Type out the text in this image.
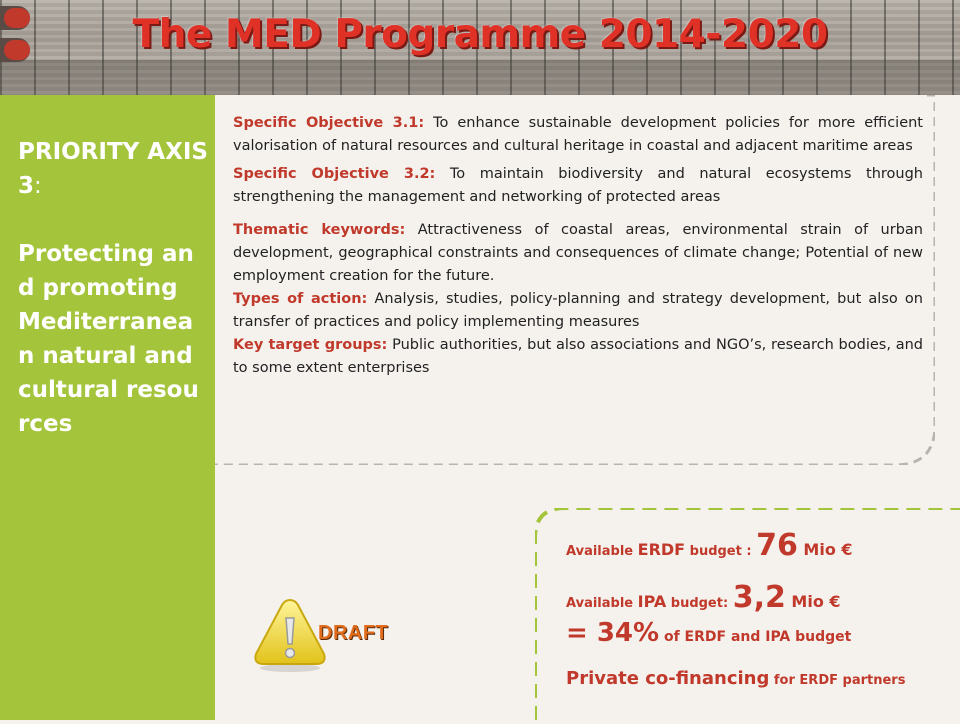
The MED Programme 2014-2020
PRIORITY AXIS 3:
Protecting and promoting Mediterranean natural and cultural resources

Specific Objective 3.1: To enhance sustainable development policies for more efficient valorisation of natural resources and cultural heritage in coastal and adjacent maritime areas

Specific Objective 3.2: To maintain biodiversity and natural ecosystems through strengthening the management and networking of protected areas

Thematic keywords: Attractiveness of coastal areas, environmental strain of urban development, geographical constraints and consequences of climate change; Potential of new employment creation for the future.

Types of action: Analysis, studies, policy-planning and strategy development, but also on transfer of practices and policy implementing measures

Key target groups: Public authorities, but also associations and NGO’s, research bodies, and to some extent enterprises

Available ERDF budget : 76 Mio €
Available IPA budget: 3,2 Mio €
= 34% of ERDF and IPA budget
Private co-financing for ERDF partners
DRAFT
